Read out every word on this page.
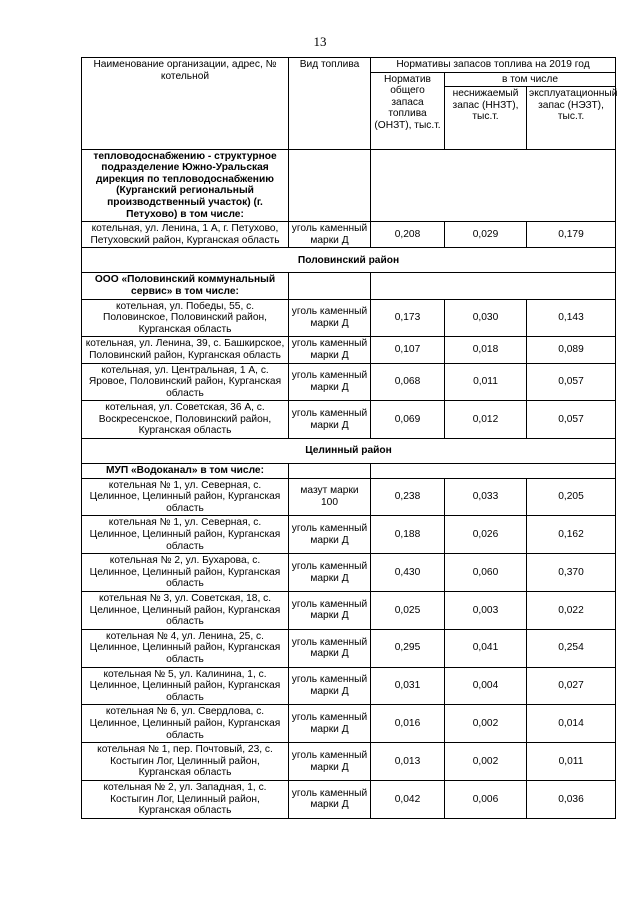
13
Наименование организации, адрес, № котельной	Вид топлива	Нормативы запасов топлива на 2019 год		
		Норматив общего запаса топлива (ОНЗТ), тыс.т.	в том числе	
			неснижаемый запас (ННЗТ), тыс.т.	эксплуатационный запас (НЭЗТ), тыс.т.
тепловодоснабжению - структурное подразделение Южно-Уральская дирекция по тепловодоснабжению (Курганский региональный производственный участок) (г. Петухово) в том числе:				
котельная, ул. Ленина, 1 А, г. Петухово, Петуховский район, Курганская область	уголь каменный марки Д	0,208	0,029	0,179
Половинский район				
ООО «Половинский коммунальный сервис» в том числе:				
котельная, ул. Победы, 55, с. Половинское, Половинский район, Курганская область	уголь каменный марки Д	0,173	0,030	0,143
котельная, ул. Ленина, 39, с. Башкирское, Половинский район, Курганская область	уголь каменный марки Д	0,107	0,018	0,089
котельная, ул. Центральная, 1 А, с. Яровое, Половинский район, Курганская область	уголь каменный марки Д	0,068	0,011	0,057
котельная, ул. Советская, 36 А, с. Воскресенское, Половинский район, Курганская область	уголь каменный марки Д	0,069	0,012	0,057
Целинный район				
МУП «Водоканал» в том числе:				
котельная № 1, ул. Северная, с. Целинное, Целинный район, Курганская область	мазут марки 100	0,238	0,033	0,205
котельная № 1, ул. Северная, с. Целинное, Целинный район, Курганская область	уголь каменный марки Д	0,188	0,026	0,162
котельная № 2, ул. Бухарова, с. Целинное, Целинный район, Курганская область	уголь каменный марки Д	0,430	0,060	0,370
котельная № 3, ул. Советская, 18, с. Целинное, Целинный район, Курганская область	уголь каменный марки Д	0,025	0,003	0,022
котельная № 4, ул. Ленина, 25, с. Целинное, Целинный район, Курганская область	уголь каменный марки Д	0,295	0,041	0,254
котельная № 5, ул. Калинина, 1, с. Целинное, Целинный район, Курганская область	уголь каменный марки Д	0,031	0,004	0,027
котельная № 6, ул. Свердлова, с. Целинное, Целинный район, Курганская область	уголь каменный марки Д	0,016	0,002	0,014
котельная № 1, пер. Почтовый, 23, с. Костыгин Лог, Целинный район, Курганская область	уголь каменный марки Д	0,013	0,002	0,011
котельная № 2, ул. Западная, 1, с. Костыгин Лог, Целинный район, Курганская область	уголь каменный марки Д	0,042	0,006	0,036
